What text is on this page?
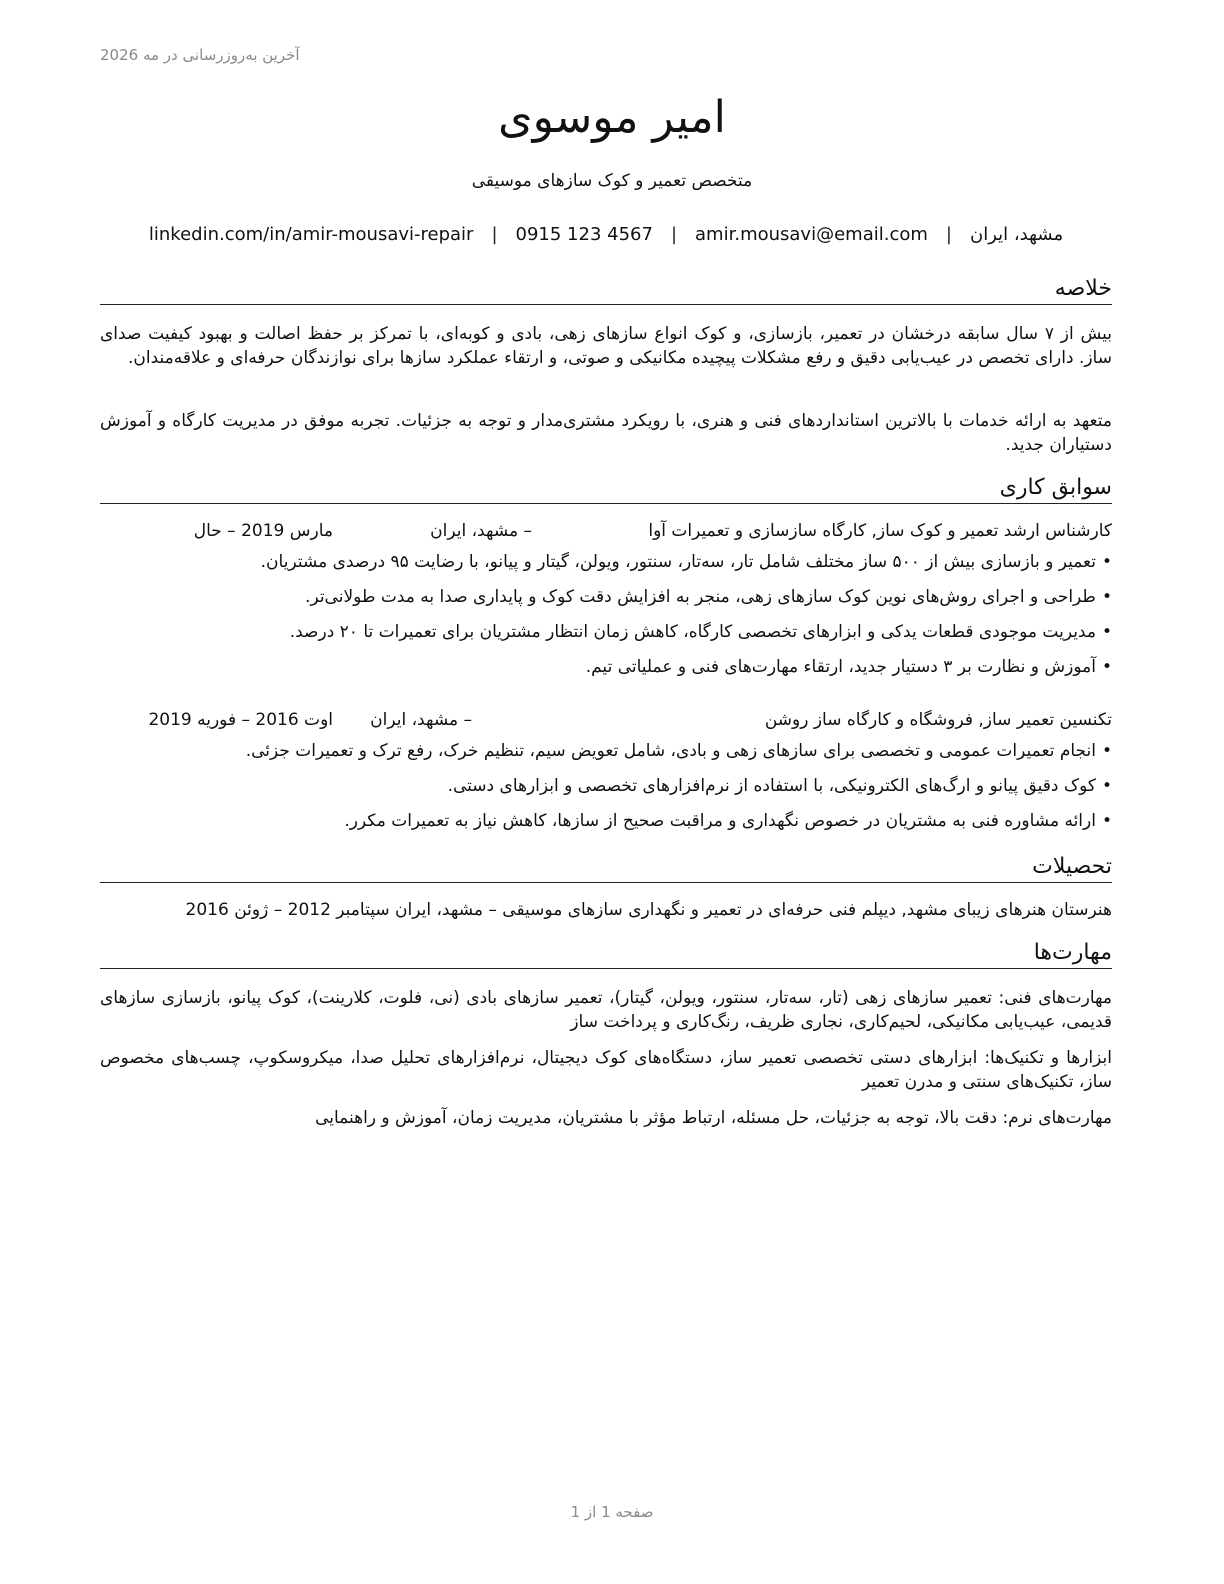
آخرین به‌روزرسانی در مه 2026
امیر موسوی
متخصص تعمیر و کوک سازهای موسیقی
مشهد، ایران
|
amir.mousavi@email.com
|
0915 123 4567
|
linkedin.com/in/amir-mousavi-repair
خلاصه
بیش از ۷ سال سابقه درخشان در تعمیر، بازسازی، و کوک انواع سازهای زهی، بادی و کوبه‌ای، با تمرکز بر حفظ اصالت و بهبود کیفیت صدای ساز. دارای تخصص در عیب‌یابی دقیق و رفع مشکلات پیچیده مکانیکی و صوتی، و ارتقاء عملکرد سازها برای نوازندگان حرفه‌ای و علاقه‌مندان.
متعهد به ارائه خدمات با بالاترین استانداردهای فنی و هنری، با رویکرد مشتری‌مدار و توجه به جزئیات. تجربه موفق در مدیریت کارگاه و آموزش دستیاران جدید.
سوابق کاری
کارشناس ارشد تعمیر و کوک ساز, کارگاه سازسازی و تعمیرات آوا
– مشهد، ایران
مارس 2019 – حال
•تعمیر و بازسازی بیش از ۵۰۰ ساز مختلف شامل تار، سه‌تار، سنتور، ویولن، گیتار و پیانو، با رضایت ۹۵ درصدی مشتریان.
•طراحی و اجرای روش‌های نوین کوک سازهای زهی، منجر به افزایش دقت کوک و پایداری صدا به مدت طولانی‌تر.
•مدیریت موجودی قطعات یدکی و ابزارهای تخصصی کارگاه، کاهش زمان انتظار مشتریان برای تعمیرات تا ۲۰ درصد.
•آموزش و نظارت بر ۳ دستیار جدید، ارتقاء مهارت‌های فنی و عملیاتی تیم.
تکنسین تعمیر ساز, فروشگاه و کارگاه ساز روشن
– مشهد، ایران
اوت 2016 – فوریه 2019
•انجام تعمیرات عمومی و تخصصی برای سازهای زهی و بادی، شامل تعویض سیم، تنظیم خرک، رفع ترک و تعمیرات جزئی.
•کوک دقیق پیانو و ارگ‌های الکترونیکی، با استفاده از نرم‌افزارهای تخصصی و ابزارهای دستی.
•ارائه مشاوره فنی به مشتریان در خصوص نگهداری و مراقبت صحیح از سازها، کاهش نیاز به تعمیرات مکرر.
تحصیلات
هنرستان هنرهای زیبای مشهد, دیپلم فنی حرفه‌ای در تعمیر و نگهداری سازهای موسیقی – مشهد، ایران سپتامبر 2012 – ژوئن 2016
مهارت‌ها
مهارت‌های فنی: تعمیر سازهای زهی (تار، سه‌تار، سنتور، ویولن، گیتار)، تعمیر سازهای بادی (نی، فلوت، کلارینت)، کوک پیانو، بازسازی سازهای قدیمی، عیب‌یابی مکانیکی، لحیم‌کاری، نجاری ظریف، رنگ‌کاری و پرداخت ساز
ابزارها و تکنیک‌ها: ابزارهای دستی تخصصی تعمیر ساز، دستگاه‌های کوک دیجیتال، نرم‌افزارهای تحلیل صدا، میکروسکوپ، چسب‌های مخصوص ساز، تکنیک‌های سنتی و مدرن تعمیر
مهارت‌های نرم: دقت بالا، توجه به جزئیات، حل مسئله، ارتباط مؤثر با مشتریان، مدیریت زمان، آموزش و راهنمایی
صفحه 1 از 1
